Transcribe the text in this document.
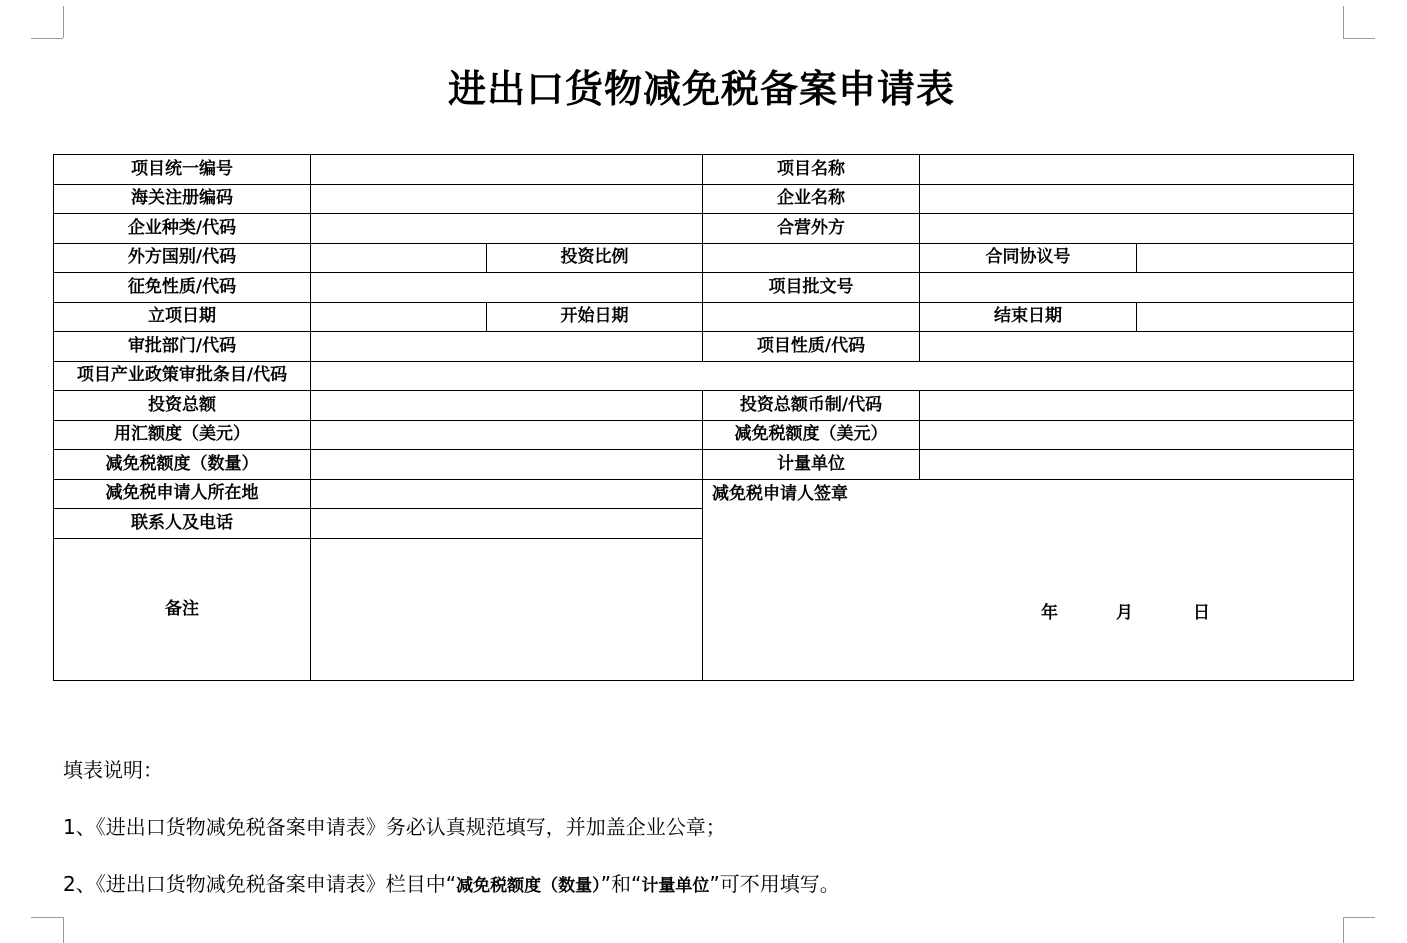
进出口货物减免税备案申请表
项目统一编号			项目名称		
海关注册编码			企业名称		
企业种类/代码			合营外方		
外方国别/代码		投资比例		合同协议号	
征免性质/代码			项目批文号		
立项日期		开始日期		结束日期	
审批部门/代码			项目性质/代码		
项目产业政策审批条目/代码					
投资总额			投资总额币制/代码		
用汇额度（美元）			减免税额度（美元）		
减免税额度（数量）			计量单位		
减免税申请人所在地			减免税申请人签章
年 月 日		

联系人及电话					
备注					
填表说明：
1、《进出口货物减免税备案申请表》务必认真规范填写，并加盖企业公章；
2、《进出口货物减免税备案申请表》栏目中“减免税额度（数量）”和“计量单位”可不用填写。
